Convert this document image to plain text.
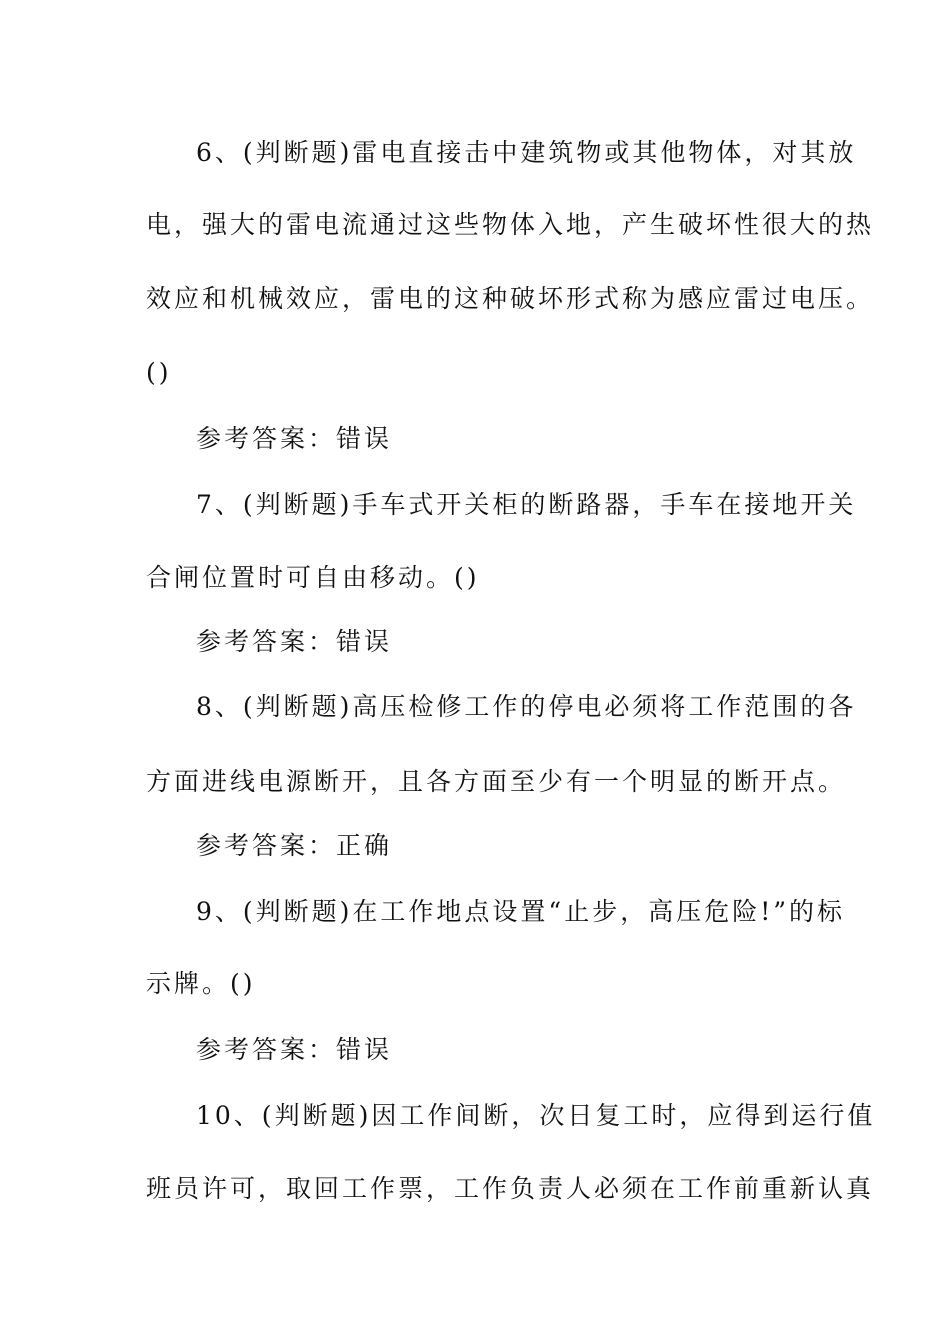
6、(判断题)雷电直接击中建筑物或其他物体，对其放
电，强大的雷电流通过这些物体入地，产生破坏性很大的热
效应和机械效应，雷电的这种破坏形式称为感应雷过电压。
()
参考答案：错误
7、(判断题)手车式开关柜的断路器，手车在接地开关
合闸位置时可自由移动。()
参考答案：错误
8、(判断题)高压检修工作的停电必须将工作范围的各
方面进线电源断开，且各方面至少有一个明显的断开点。
参考答案：正确
9、(判断题)在工作地点设置“止步，高压危险!”的标
示牌。()
参考答案：错误
10、(判断题)因工作间断，次日复工时，应得到运行值
班员许可，取回工作票，工作负责人必须在工作前重新认真
